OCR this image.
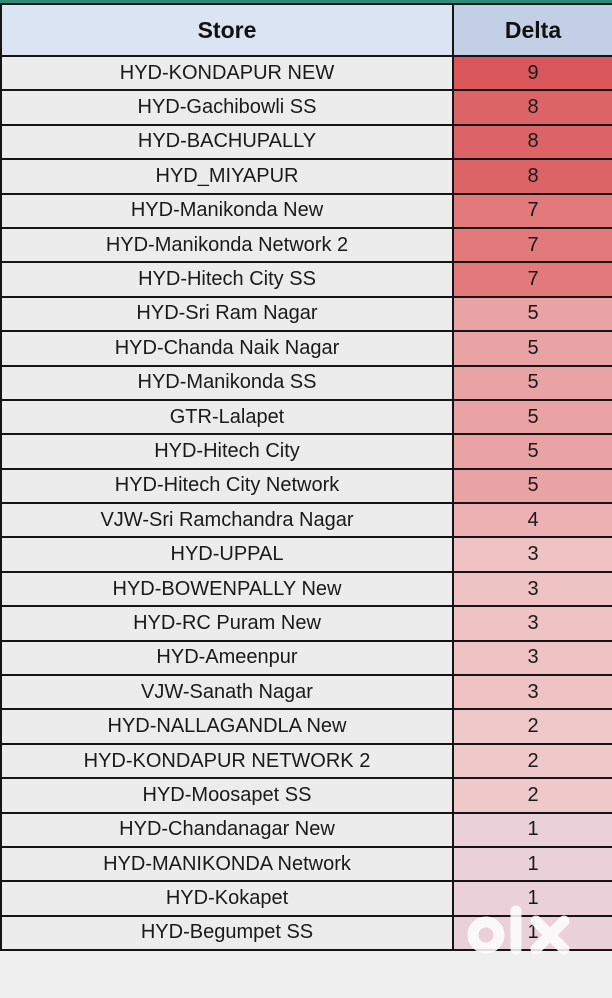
Store	Delta
HYD-KONDAPUR NEW	9
HYD-Gachibowli SS	8
HYD-BACHUPALLY	8
HYD_MIYAPUR	8
HYD-Manikonda New	7
HYD-Manikonda Network 2	7
HYD-Hitech City SS	7
HYD-Sri Ram Nagar	5
HYD-Chanda Naik Nagar	5
HYD-Manikonda SS	5
GTR-Lalapet	5
HYD-Hitech City	5
HYD-Hitech City Network	5
VJW-Sri Ramchandra Nagar	4
HYD-UPPAL	3
HYD-BOWENPALLY New	3
HYD-RC Puram New	3
HYD-Ameenpur	3
VJW-Sanath Nagar	3
HYD-NALLAGANDLA New	2
HYD-KONDAPUR NETWORK 2	2
HYD-Moosapet SS	2
HYD-Chandanagar New	1
HYD-MANIKONDA Network	1
HYD-Kokapet	1
HYD-Begumpet SS	1
